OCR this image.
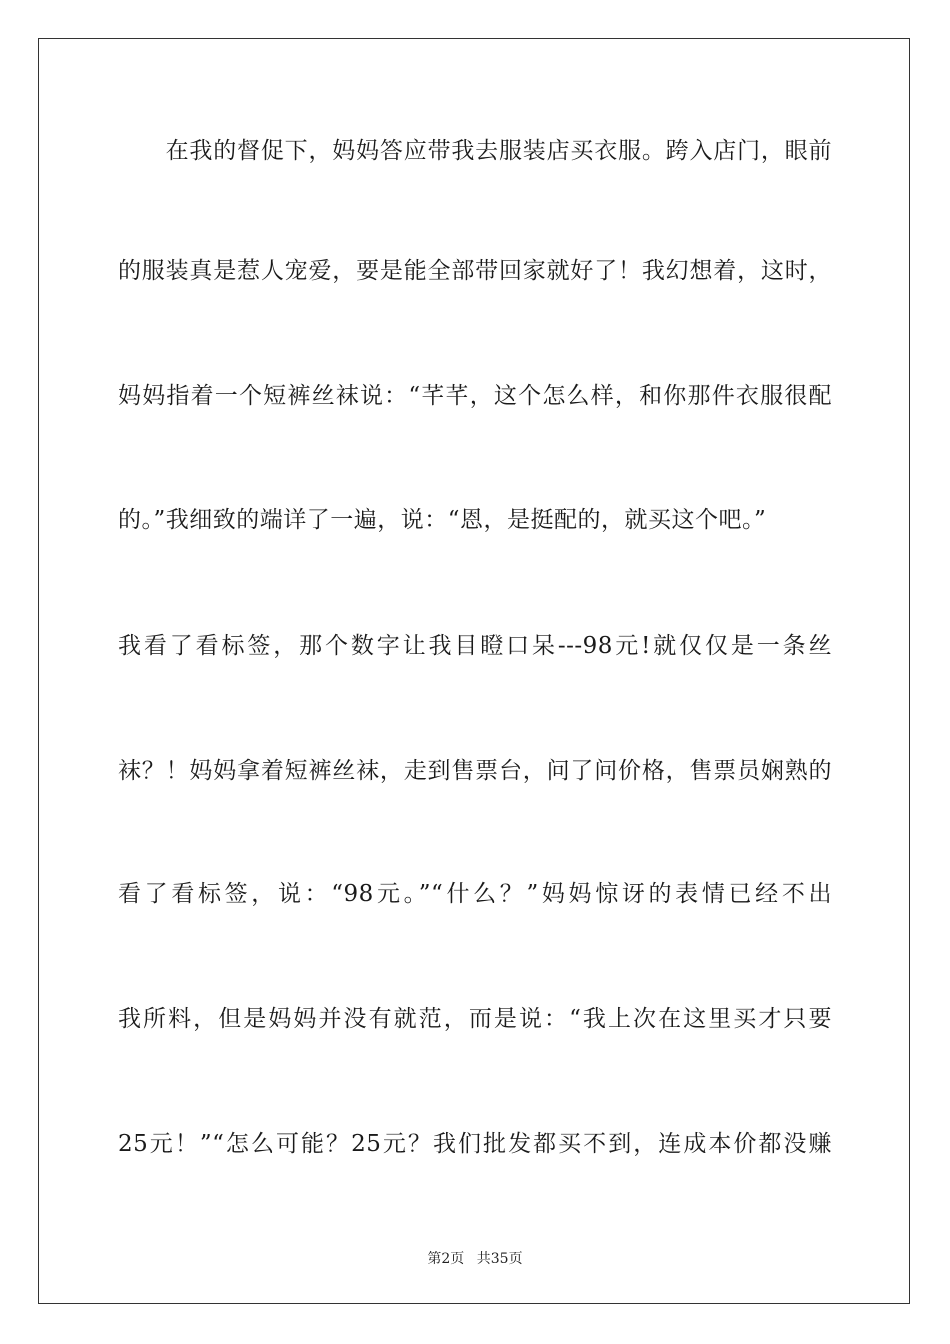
　　在我的督促下，妈妈答应带我去服装店买衣服。跨入店门，眼前
的服装真是惹人宠爱，要是能全部带回家就好了！我幻想着，这时，
妈妈指着一个短裤丝袜说：“芊芊，这个怎么样，和你那件衣服很配
的。”我细致的端详了一遍，说：“恩，是挺配的，就买这个吧。”
我看了看标签，那个数字让我目瞪口呆---98元!就仅仅是一条丝
袜？！妈妈拿着短裤丝袜，走到售票台，问了问价格，售票员娴熟的
看了看标签，说：“98元。”“什么？”妈妈惊讶的表情已经不出
我所料，但是妈妈并没有就范，而是说：“我上次在这里买才只要
25元！”“怎么可能？25元？我们批发都买不到，连成本价都没赚
第2页 共35页
